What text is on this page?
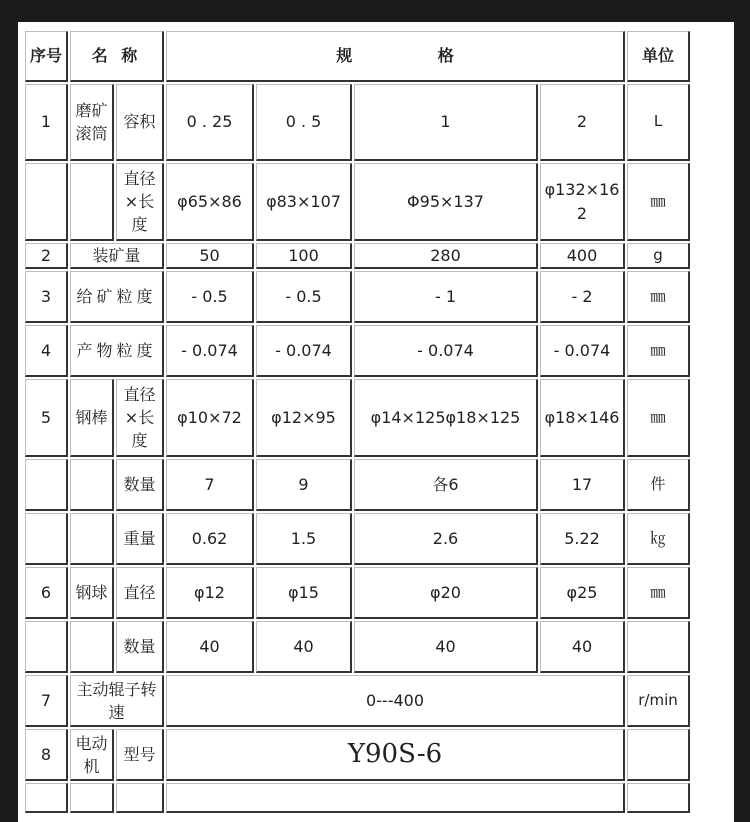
序号	名 称		规 格				单位
1	磨矿滚筒	容积	0 . 25	0 . 5	1	2	L
		直径×长度	φ65×86	φ83×107	Φ95×137	φ132×162	㎜
2	装矿量		50	100	280	400	g
3	给矿粒度		- 0.5	- 0.5	- 1	- 2	㎜
4	产物粒度		- 0.074	- 0.074	- 0.074	- 0.074	㎜
5	钢棒	直径×长度	φ10×72	φ12×95	φ14×125φ18×125	φ18×146	㎜
		数量	7	9	各6	17	件
		重量	0.62	1.5	2.6	5.22	㎏
6	钢球	直径	φ12	φ15	φ20	φ25	㎜
		数量	40	40	40	40	
7	主动辊子转速		0---400				r/min
8	电动机	型号	Y90S-6				
